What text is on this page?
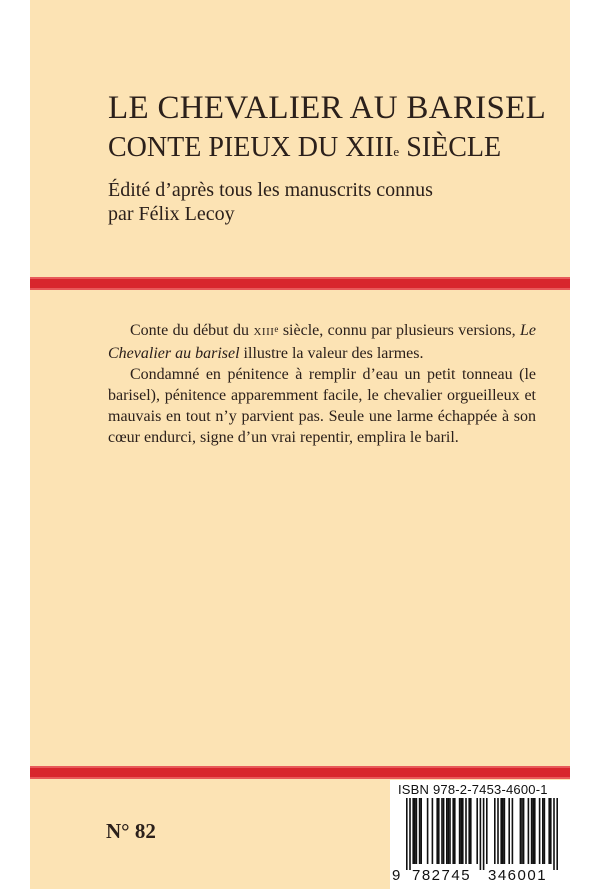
LE CHEVALIER AU BARISEL
CONTE PIEUX DU XIIIe SIÈCLE
Édité d’après tous les manuscrits connus
par Félix Lecoy

Conte du début du XIIIe siècle, connu par plusieurs versions, Le Chevalier au barisel illustre la valeur des larmes.

Condamné en pénitence à remplir d’eau un petit tonneau (le barisel), pénitence apparemment facile, le chevalier orgueilleux et mauvais en tout n’y parvient pas. Seule une larme échappée à son cœur endurci, signe d’un vrai repentir, emplira le baril.

N° 82
ISBN 978-2-7453-4600-1
9 782745 346001
